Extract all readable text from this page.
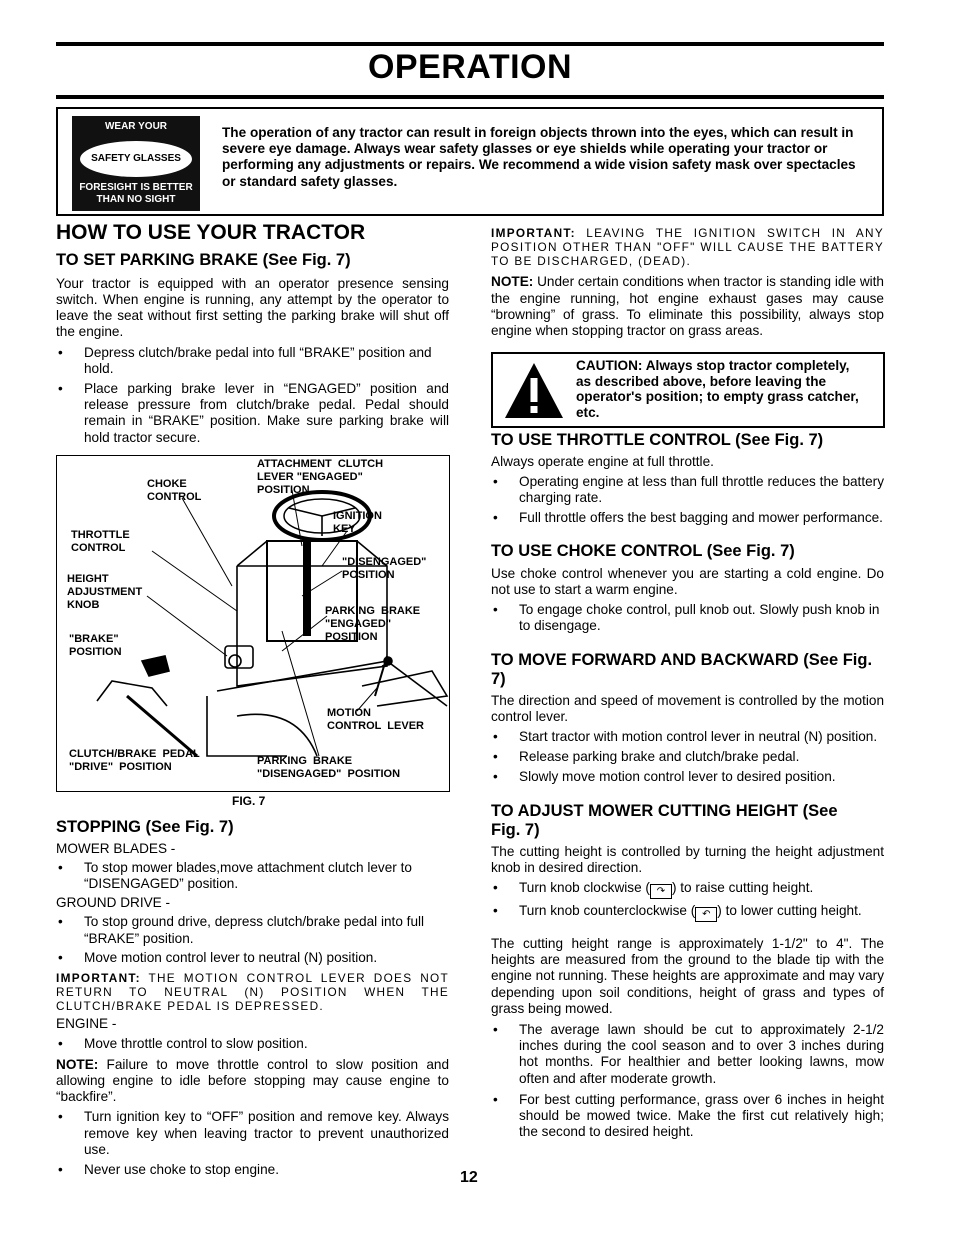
OPERATION
WEAR YOUR
SAFETY GLASSES
FORESIGHT IS BETTER
THAN NO SIGHT
The operation of any tractor can result in foreign objects thrown into the eyes, which can result in severe eye damage. Always wear safety glasses or eye shields while operating your tractor or performing any adjustments or repairs. We recommend a wide vision safety mask over spectacles or standard safety glasses.
HOW TO USE YOUR TRACTOR
TO SET PARKING BRAKE (See Fig. 7)

Your tractor is equipped with an operator presence sensing switch. When engine is running, any attempt by the operator to leave the seat without first setting the parking brake will shut off the engine.

• Depress clutch/brake pedal into full “BRAKE” position and hold.

• Place parking brake lever in “ENGAGED” position and release pressure from clutch/brake pedal. Pedal should remain in “BRAKE” position. Make sure parking brake will hold tractor secure.

CHOKE
CONTROL
ATTACHMENT  CLUTCH
LEVER "ENGAGED"
POSITION
IGNITION
KEY
THROTTLE
CONTROL
"DISENGAGED"
POSITION
HEIGHT
ADJUSTMENT
KNOB	PARKING  BRAKE
"ENGAGED"
POSITION
"BRAKE"
POSITION
MOTION
CONTROL  LEVER
CLUTCH/BRAKE  PEDAL
"DRIVE"  POSITION	PARKING  BRAKE
"DISENGAGED"  POSITION
FIG. 7
STOPPING (See Fig. 7)

MOWER BLADES -

• To stop mower blades,move attachment clutch lever to “DISENGAGED” position.

GROUND DRIVE -

• To stop ground drive, depress clutch/brake pedal into full “BRAKE” position.

• Move motion control lever to neutral (N) position.

IMPORTANT: THE MOTION CONTROL LEVER DOES NOT RETURN TO NEUTRAL (N) POSITION WHEN THE CLUTCH/BRAKE PEDAL IS DEPRESSED.

ENGINE -

• Move throttle control to slow position.

NOTE: Failure to move throttle control to slow position and allowing engine to idle before stopping may cause engine to “backfire”.

• Turn ignition key to “OFF” position and remove key. Always remove key when leaving tractor to prevent unauthorized use.

• Never use choke to stop engine.

IMPORTANT: LEAVING THE IGNITION SWITCH IN ANY POSITION OTHER THAN "OFF" WILL CAUSE THE BATTERY TO BE DISCHARGED, (DEAD).

NOTE: Under certain conditions when tractor is standing idle with the engine running, hot engine exhaust gases may cause “browning” of grass. To eliminate this possibility, always stop engine when stopping tractor on grass areas.

CAUTION: Always stop tractor completely, as described above, before leaving the operator's position; to empty grass catcher, etc.
TO USE THROTTLE CONTROL (See Fig. 7)

Always operate engine at full throttle.

• Operating engine at less than full throttle reduces the battery charging rate.

• Full throttle offers the best bagging and mower performance.

TO USE CHOKE CONTROL (See Fig. 7)

Use choke control whenever you are starting a cold engine. Do not use to start a warm engine.

• To engage choke control, pull knob out. Slowly push knob in to disengage.

TO MOVE FORWARD AND BACKWARD (See Fig. 7)

The direction and speed of movement is controlled by the motion control lever.

• Start tractor with motion control lever in neutral (N) position.

• Release parking brake and clutch/brake pedal.

• Slowly move motion control lever to desired position.

TO ADJUST MOWER CUTTING HEIGHT (See Fig. 7)

The cutting height is controlled by turning the height adjustment knob in desired direction.

• Turn knob clockwise ( ↷ ) to raise cutting height.

• Turn knob counterclockwise ( ↶ ) to lower cutting height.

The cutting height range is approximately 1-1/2" to 4". The heights are measured from the ground to the blade tip with the engine not running. These heights are approximate and may vary depending upon soil conditions, height of grass and types of grass being mowed.

• The average lawn should be cut to approximately 2-1/2 inches during the cool season and to over 3 inches during hot months. For healthier and better looking lawns, mow often and after moderate growth.

• For best cutting performance, grass over 6 inches in height should be mowed twice. Make the first cut relatively high; the second to desired height.

12
